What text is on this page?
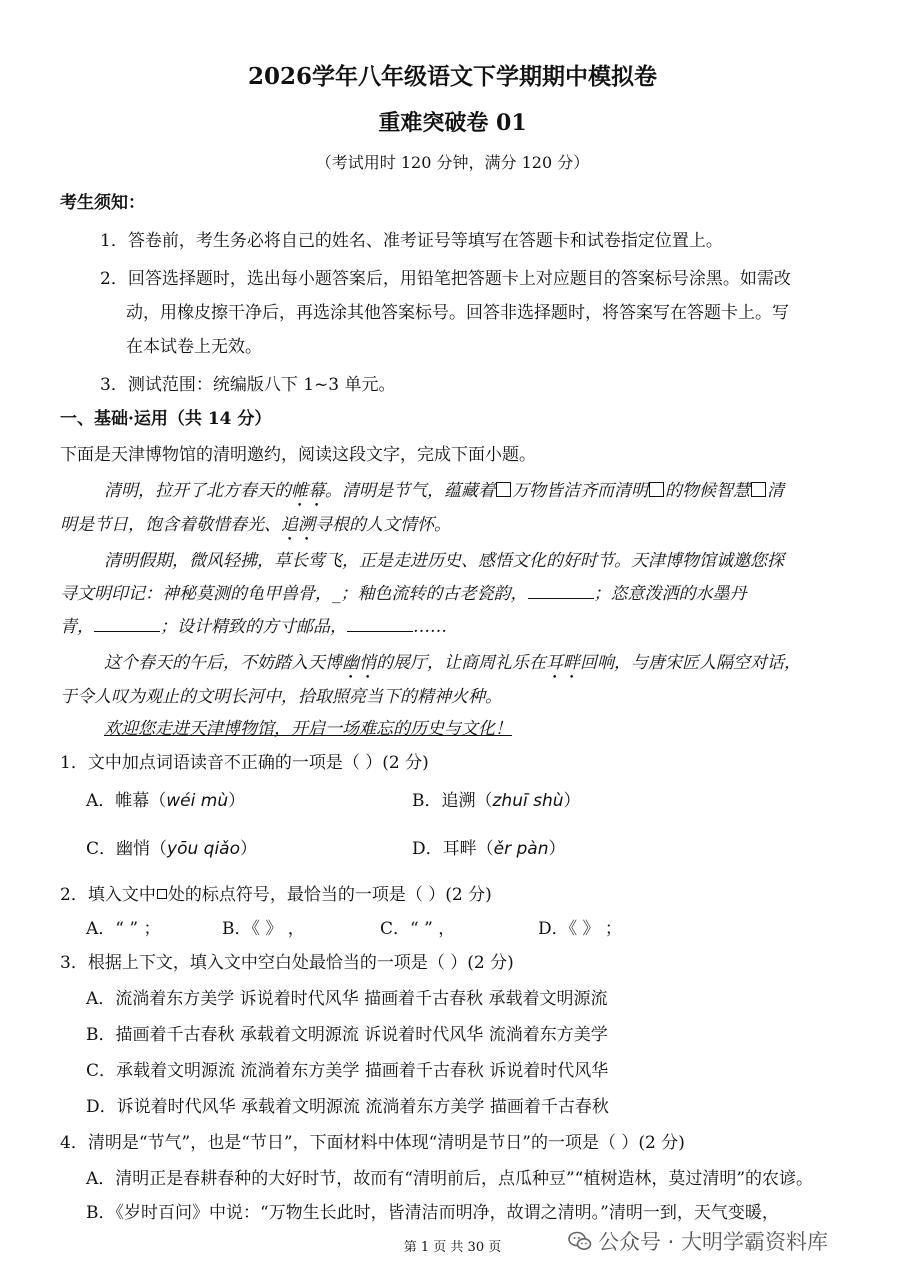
2026学年八年级语文下学期期中模拟卷
重难突破卷 01
（考试用时 120 分钟，满分 120 分）
考生须知：
1．答卷前，考生务必将自己的姓名、准考证号等填写在答题卡和试卷指定位置上。
2．回答选择题时，选出每小题答案后，用铅笔把答题卡上对应题目的答案标号涂黑。如需改
动，用橡皮擦干净后，再选涂其他答案标号。回答非选择题时，将答案写在答题卡上。写
在本试卷上无效。
3．测试范围：统编版八下 1~3 单元。
一、基础·运用（共 14 分）
下面是天津博物馆的清明邀约，阅读这段文字，完成下面小题。
清明，拉开了北方春天的帷幕。清明是节气，蕴藏着 万物皆洁齐而清明 的物候智慧 清
明是节日，饱含着敬惜春光、追溯寻根的人文情怀。
清明假期，微风轻拂，草长莺飞，正是走进历史、感悟文化的好时节。天津博物馆诚邀您探
寻文明印记：神秘莫测的龟甲兽骨，_；釉色流转的古老瓷韵，	；恣意泼洒的水墨丹
青，	；设计精致的方寸邮品，	……
这个春天的午后，不妨踏入天博幽悄的展厅，让商周礼乐在耳畔回响，与唐宋匠人隔空对话，
于令人叹为观止的文明长河中，拾取照亮当下的精神火种。
欢迎您走进天津博物馆，开启一场难忘的历史与文化！
1．文中加点词语读音不正确的一项是（ ）(2 分)
A．帷幕（wéi mù）	B．追溯（zhuī shù）
C．幽悄（yōu qiǎo）	D．耳畔（ěr pàn）
2．填入文中 处的标点符号，最恰当的一项是（ ）(2 分)
A．“ ” ；	B．《 》 ，	C．“ ” ，	D．《 》 ；
3．根据上下文，填入文中空白处最恰当的一项是（ ）(2 分)
A．流淌着东方美学 诉说着时代风华 描画着千古春秋 承载着文明源流
B．描画着千古春秋 承载着文明源流 诉说着时代风华 流淌着东方美学
C．承载着文明源流 流淌着东方美学 描画着千古春秋 诉说着时代风华
D．诉说着时代风华 承载着文明源流 流淌着东方美学 描画着千古春秋
4．清明是“节气”，也是“节日”，下面材料中体现“清明是节日”的一项是（ ）(2 分)
A．清明正是春耕春种的大好时节，故而有“清明前后，点瓜种豆”“植树造林，莫过清明”的农谚。
B．《岁时百问》中说：“万物生长此时，皆清洁而明净，故谓之清明。”清明一到，天气变暖，
第 1 页 共 30 页	公众号 · 大明学霸资料库
